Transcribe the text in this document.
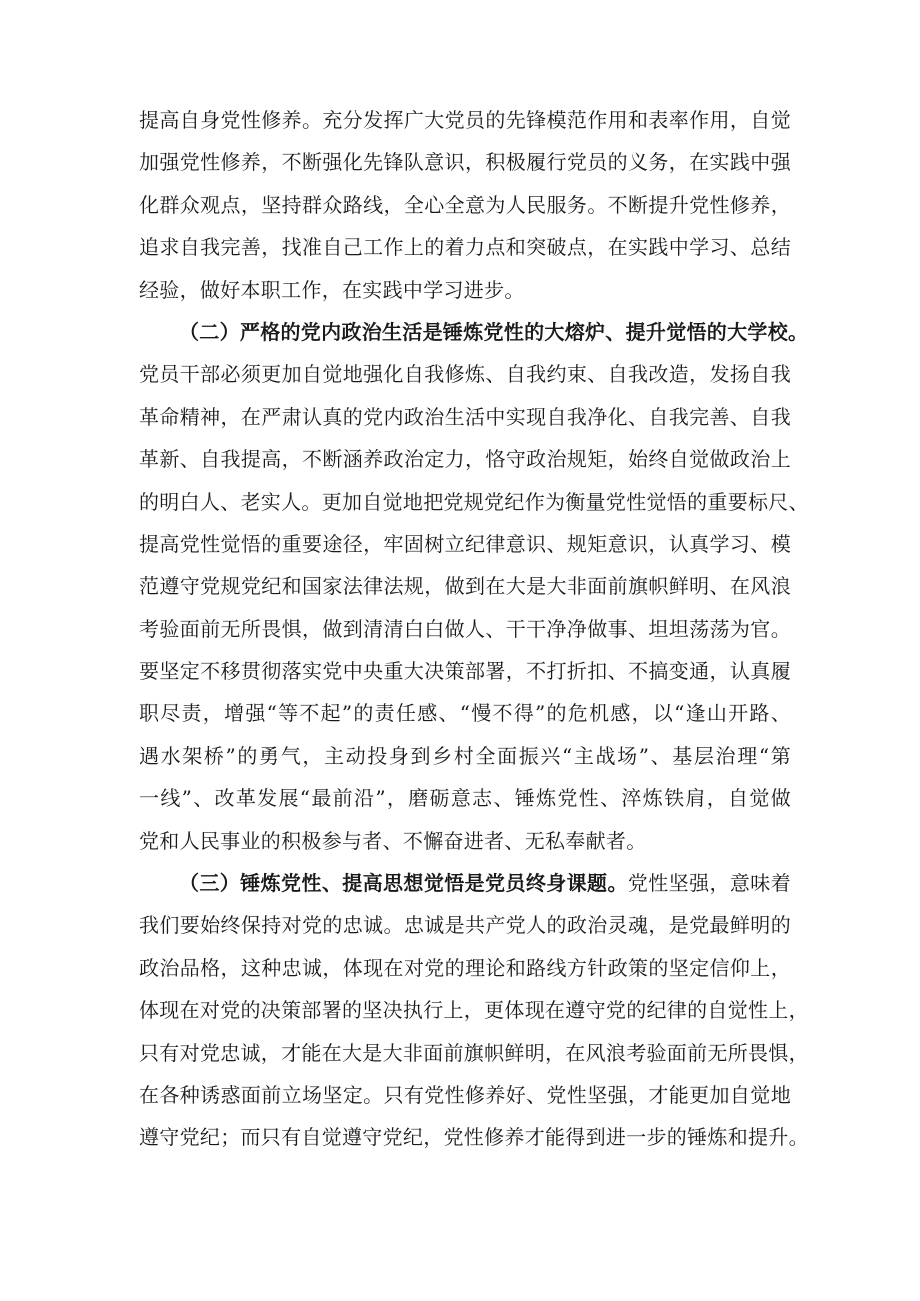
提高自身党性修养。充分发挥广大党员的先锋模范作用和表率作用，自觉
加强党性修养，不断强化先锋队意识，积极履行党员的义务，在实践中强
化群众观点，坚持群众路线，全心全意为人民服务。不断提升党性修养，
追求自我完善，找准自己工作上的着力点和突破点，在实践中学习、总结
经验，做好本职工作，在实践中学习进步。
（二）严格的党内政治生活是锤炼党性的大熔炉、提升觉悟的大学校。
党员干部必须更加自觉地强化自我修炼、自我约束、自我改造，发扬自我
革命精神，在严肃认真的党内政治生活中实现自我净化、自我完善、自我
革新、自我提高，不断涵养政治定力，恪守政治规矩，始终自觉做政治上
的明白人、老实人。更加自觉地把党规党纪作为衡量党性觉悟的重要标尺、
提高党性觉悟的重要途径，牢固树立纪律意识、规矩意识，认真学习、模
范遵守党规党纪和国家法律法规，做到在大是大非面前旗帜鲜明、在风浪
考验面前无所畏惧，做到清清白白做人、干干净净做事、坦坦荡荡为官。
要坚定不移贯彻落实党中央重大决策部署，不打折扣、不搞变通，认真履
职尽责，增强“等不起”的责任感、“慢不得”的危机感，以“逢山开路、
遇水架桥”的勇气，主动投身到乡村全面振兴“主战场”、基层治理“第
一线”、改革发展“最前沿”，磨砺意志、锤炼党性、淬炼铁肩，自觉做
党和人民事业的积极参与者、不懈奋进者、无私奉献者。
（三）锤炼党性、提高思想觉悟是党员终身课题。党性坚强，意味着
我们要始终保持对党的忠诚。忠诚是共产党人的政治灵魂，是党最鲜明的
政治品格，这种忠诚，体现在对党的理论和路线方针政策的坚定信仰上，
体现在对党的决策部署的坚决执行上，更体现在遵守党的纪律的自觉性上，
只有对党忠诚，才能在大是大非面前旗帜鲜明，在风浪考验面前无所畏惧，
在各种诱惑面前立场坚定。只有党性修养好、党性坚强，才能更加自觉地
遵守党纪；而只有自觉遵守党纪，党性修养才能得到进一步的锤炼和提升。
